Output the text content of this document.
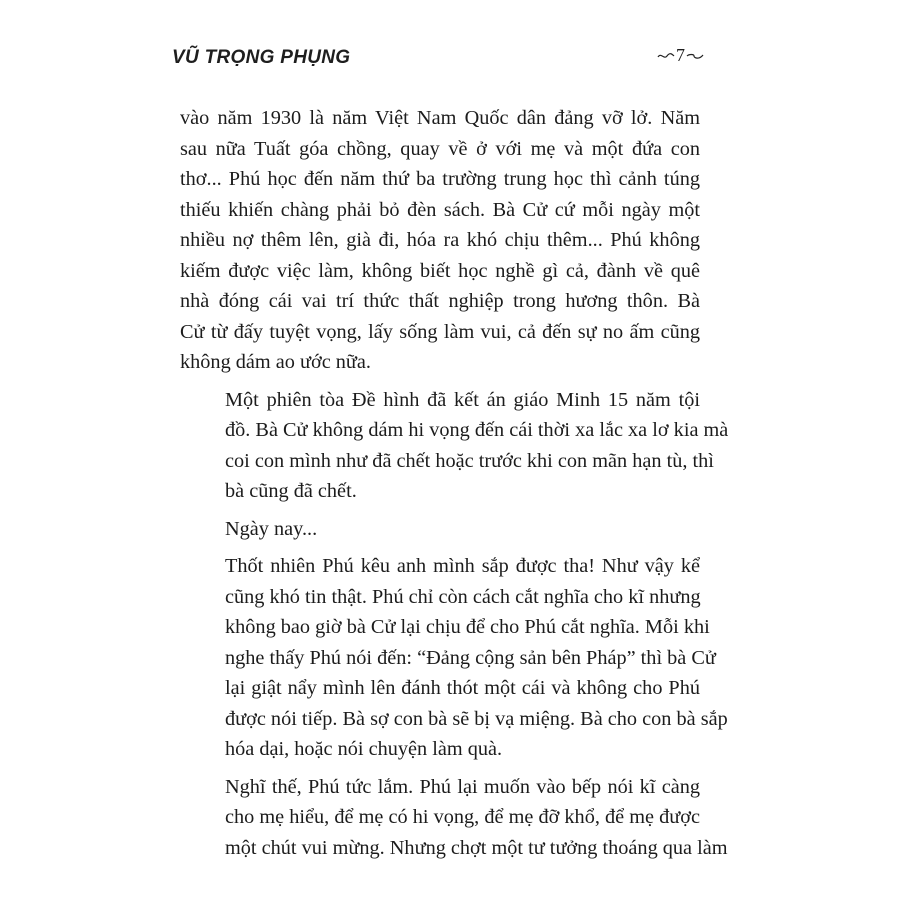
VŨ TRỌNG PHỤNG	7
vào năm 1930 là năm Việt Nam Quốc dân đảng vỡ lở. Năm
sau nữa Tuất góa chồng, quay về ở với mẹ và một đứa con
thơ... Phú học đến năm thứ ba trường trung học thì cảnh túng
thiếu khiến chàng phải bỏ đèn sách. Bà Cử cứ mỗi ngày một
nhiều nợ thêm lên, già đi, hóa ra khó chịu thêm... Phú không
kiếm được việc làm, không biết học nghề gì cả, đành về quê
nhà đóng cái vai trí thức thất nghiệp trong hương thôn. Bà
Cử từ đấy tuyệt vọng, lấy sống làm vui, cả đến sự no ấm cũng
không dám ao ước nữa.
Một phiên tòa Đề hình đã kết án giáo Minh 15 năm tội
đồ. Bà Cử không dám hi vọng đến cái thời xa lắc xa lơ kia mà
coi con mình như đã chết hoặc trước khi con mãn hạn tù, thì
bà cũng đã chết.
Ngày nay...
Thốt nhiên Phú kêu anh mình sắp được tha! Như vậy kể
cũng khó tin thật. Phú chỉ còn cách cắt nghĩa cho kĩ nhưng
không bao giờ bà Cử lại chịu để cho Phú cắt nghĩa. Mỗi khi
nghe thấy Phú nói đến: “Đảng cộng sản bên Pháp” thì bà Cử
lại giật nẩy mình lên đánh thót một cái và không cho Phú
được nói tiếp. Bà sợ con bà sẽ bị vạ miệng. Bà cho con bà sắp
hóa dại, hoặc nói chuyện làm quà.
Nghĩ thế, Phú tức lắm. Phú lại muốn vào bếp nói kĩ càng
cho mẹ hiểu, để mẹ có hi vọng, để mẹ đỡ khổ, để mẹ được
một chút vui mừng. Nhưng chợt một tư tưởng thoáng qua làm
